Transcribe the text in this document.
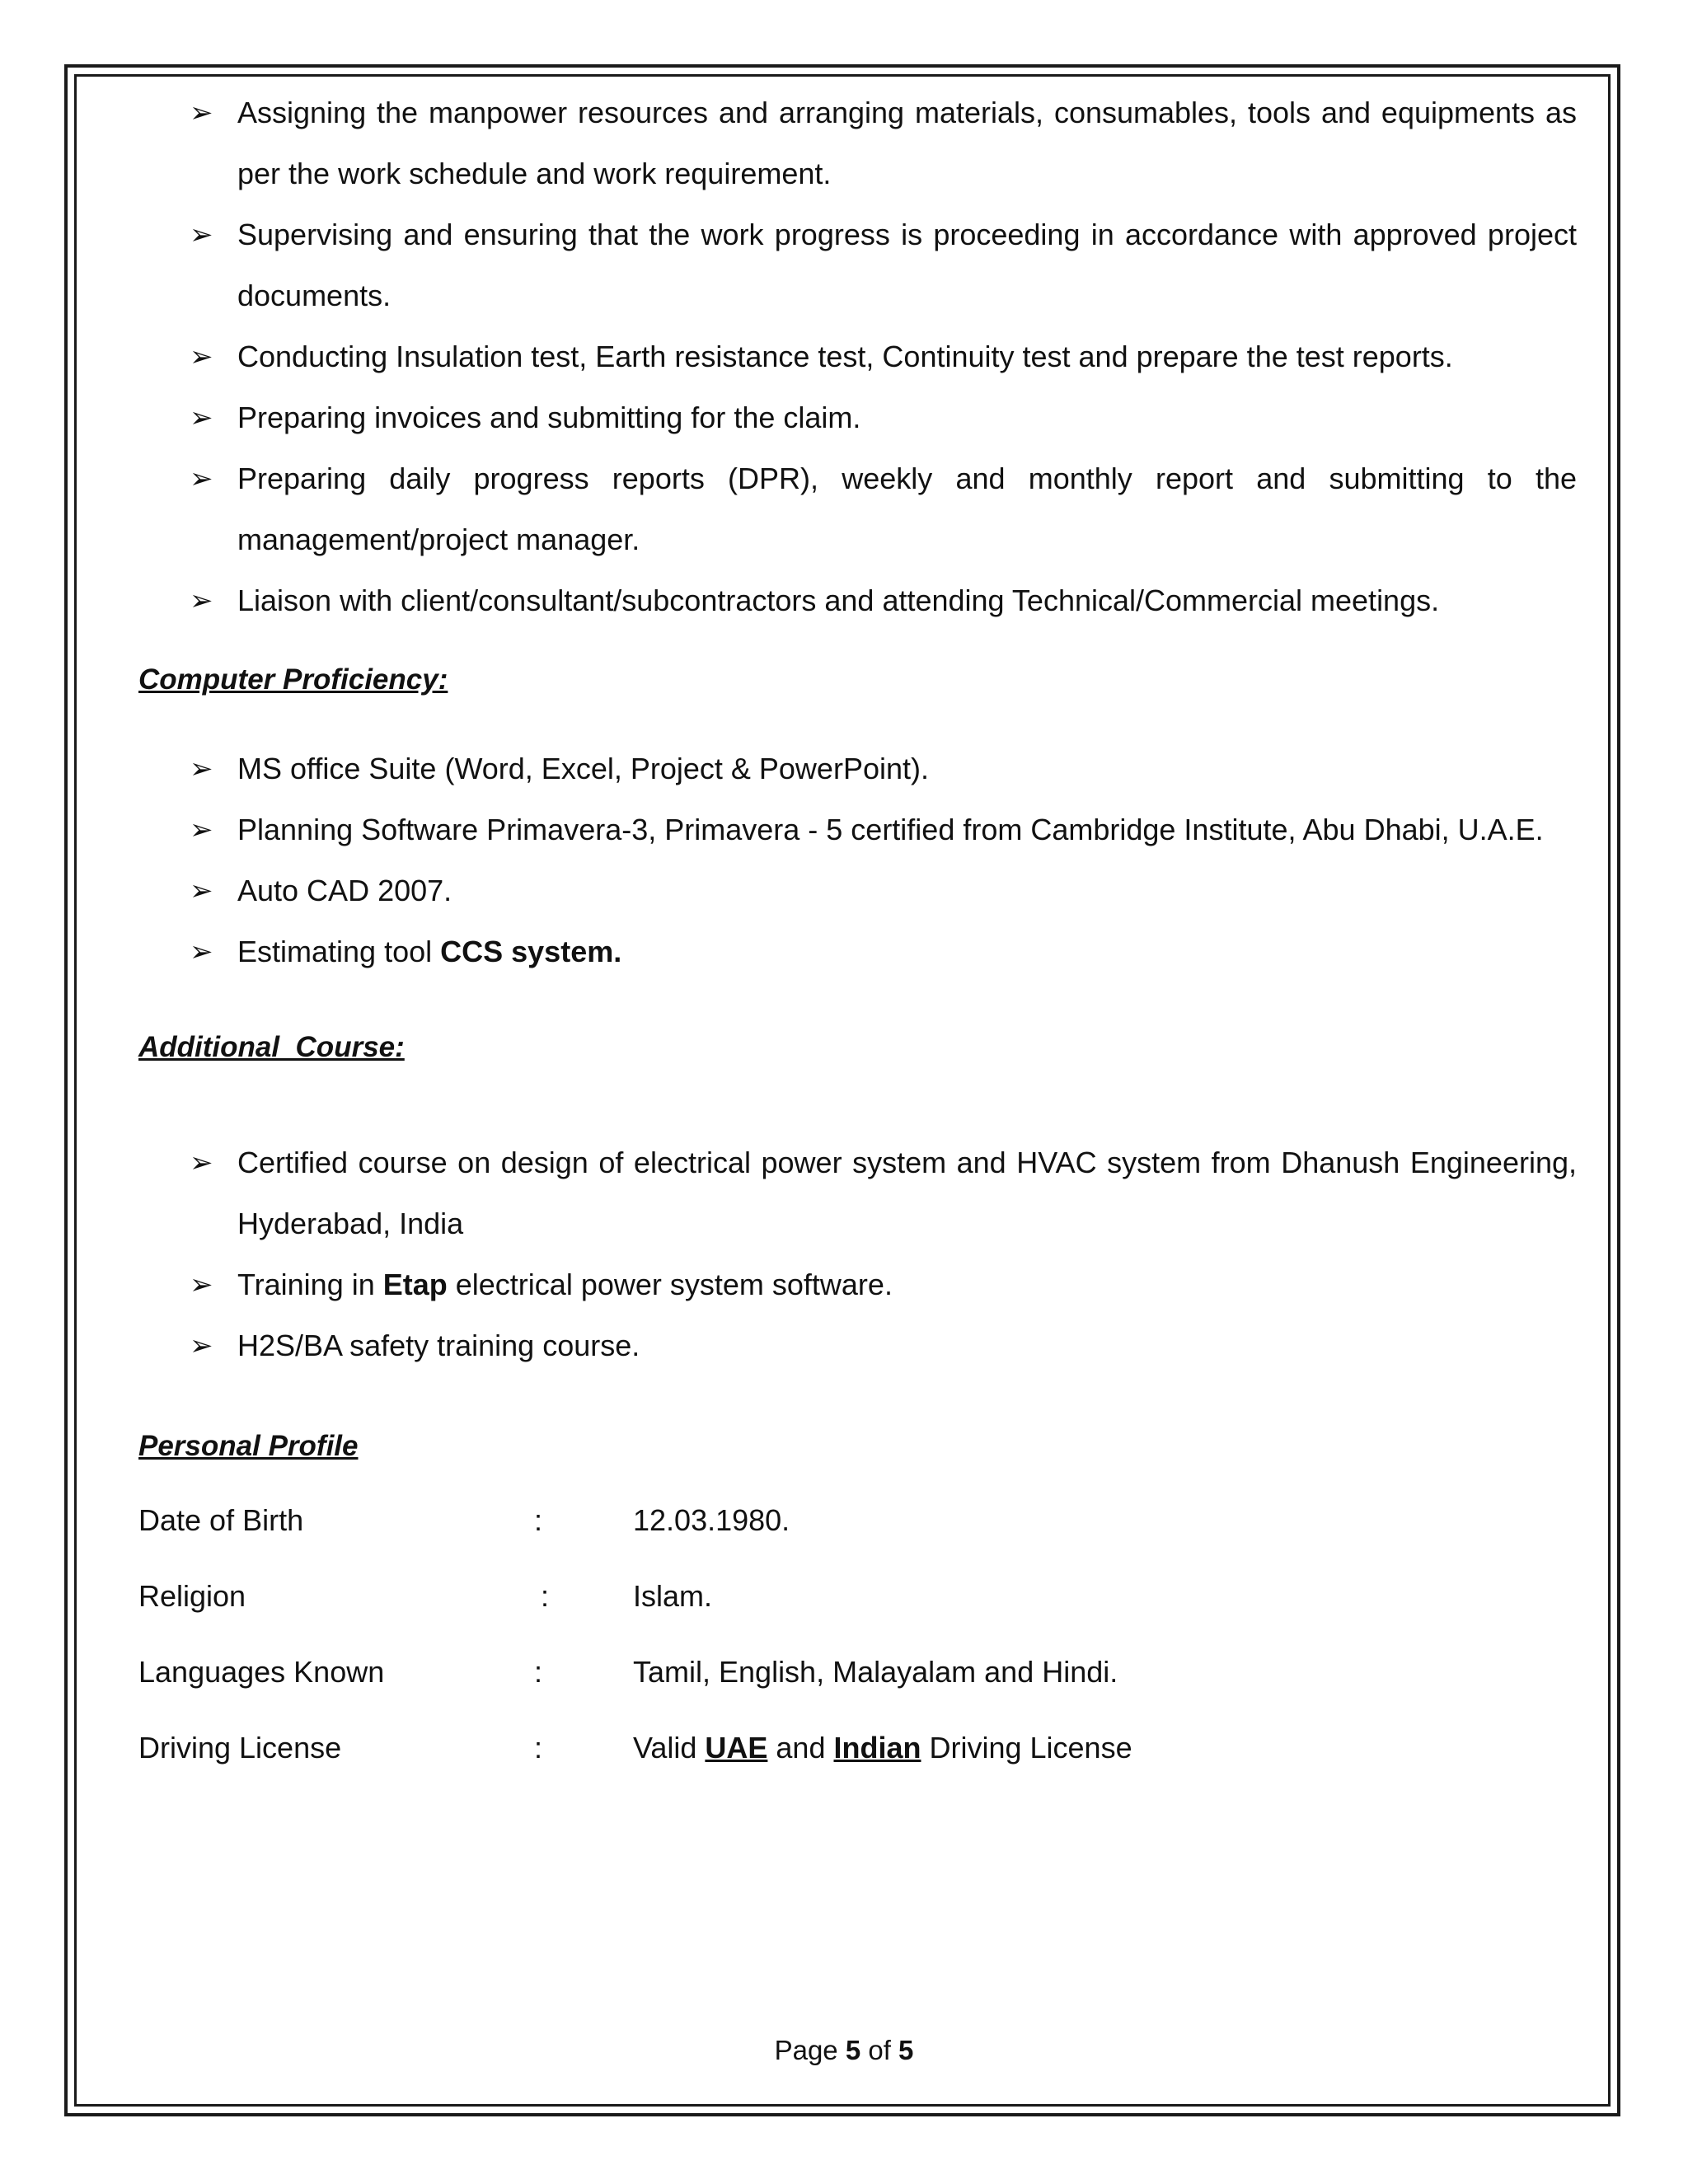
➢ Assigning the manpower resources and arranging materials, consumables, tools and equipments as per the work schedule and work requirement.
➢ Supervising and ensuring that the work progress is proceeding in accordance with approved project documents.
➢ Conducting Insulation test, Earth resistance test, Continuity test and prepare the test reports.
➢ Preparing invoices and submitting for the claim.
➢ Preparing daily progress reports (DPR), weekly and monthly report and submitting to the management/project manager.
➢ Liaison with client/consultant/subcontractors and attending Technical/Commercial meetings.
Computer Proficiency:
➢ MS office Suite (Word, Excel, Project & PowerPoint).
➢ Planning Software Primavera-3, Primavera - 5 certified from Cambridge Institute, Abu Dhabi, U.A.E.
➢ Auto CAD 2007.
➢ Estimating tool CCS system.
Additional  Course:
➢ Certified course on design of electrical power system and HVAC system from Dhanush Engineering, Hyderabad, India
➢ Training in Etap electrical power system software.
➢ H2S/BA safety training course.
Personal Profile
Date of Birth	:	12.03.1980.
Religion	:	Islam.
Languages Known	:	Tamil, English, Malayalam and Hindi.
Driving License	:	Valid UAE and Indian Driving License
Page 5 of 5
